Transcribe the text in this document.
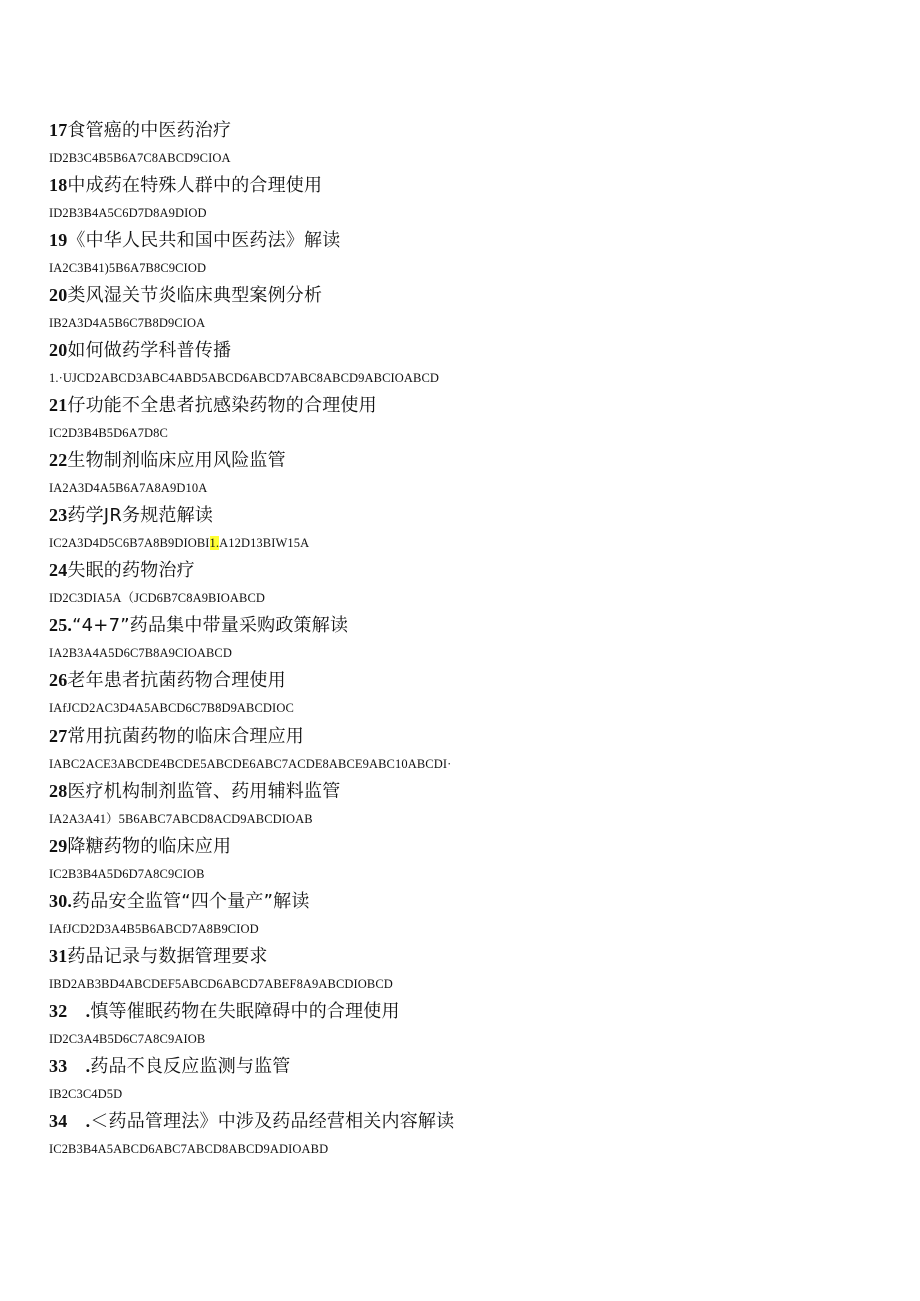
17食管癌的中医药治疗
ID2B3C4B5B6A7C8ABCD9CIOA
18中成药在特殊人群中的合理使用
ID2B3B4A5C6D7D8A9DIOD
19《中华人民共和国中医药法》解读
IA2C3B41)5B6A7B8C9CIOD
20类风湿关节炎临床典型案例分析
IB2A3D4A5B6C7B8D9CIOA
20如何做药学科普传播
1.·UJCD2ABCD3ABC4ABD5ABCD6ABCD7ABC8ABCD9ABCIOABCD
21仔功能不全患者抗感染药物的合理使用
IC2D3B4B5D6A7D8C
22生物制剂临床应用风险监管
IA2A3D4A5B6A7A8A9D10A
23药学JR务规范解读
IC2A3D4D5C6B7A8B9DIOBI1.A12D13BIW15A
24失眠的药物治疗
ID2C3DIA5A（JCD6B7C8A9BIOABCD
25.“4+7”药品集中带量采购政策解读
IA2B3A4A5D6C7B8A9CIOABCD
26老年患者抗菌药物合理使用
IAfJCD2AC3D4A5ABCD6C7B8D9ABCDIOC
27常用抗菌药物的临床合理应用
IABC2ACE3ABCDE4BCDE5ABCDE6ABC7ACDE8ABCE9ABC10ABCDI·
28医疗机构制剂监管、药用辅料监管
IA2A3A41）5B6ABC7ABCD8ACD9ABCDIOAB
29降糖药物的临床应用
IC2B3B4A5D6D7A8C9CIOB
30.药品安全监管“四个量产”解读
IAfJCD2D3A4B5B6ABCD7A8B9CIOD
31药品记录与数据管理要求
IBD2AB3BD4ABCDEF5ABCD6ABCD7ABEF8A9ABCDIOBCD
32　.慎等催眠药物在失眠障碍中的合理使用
ID2C3A4B5D6C7A8C9AIOB
33　.药品不良反应监测与监管
IB2C3C4D5D
34　.＜药品管理法》中涉及药品经营相关内容解读
IC2B3B4A5ABCD6ABC7ABCD8ABCD9ADIOABD
